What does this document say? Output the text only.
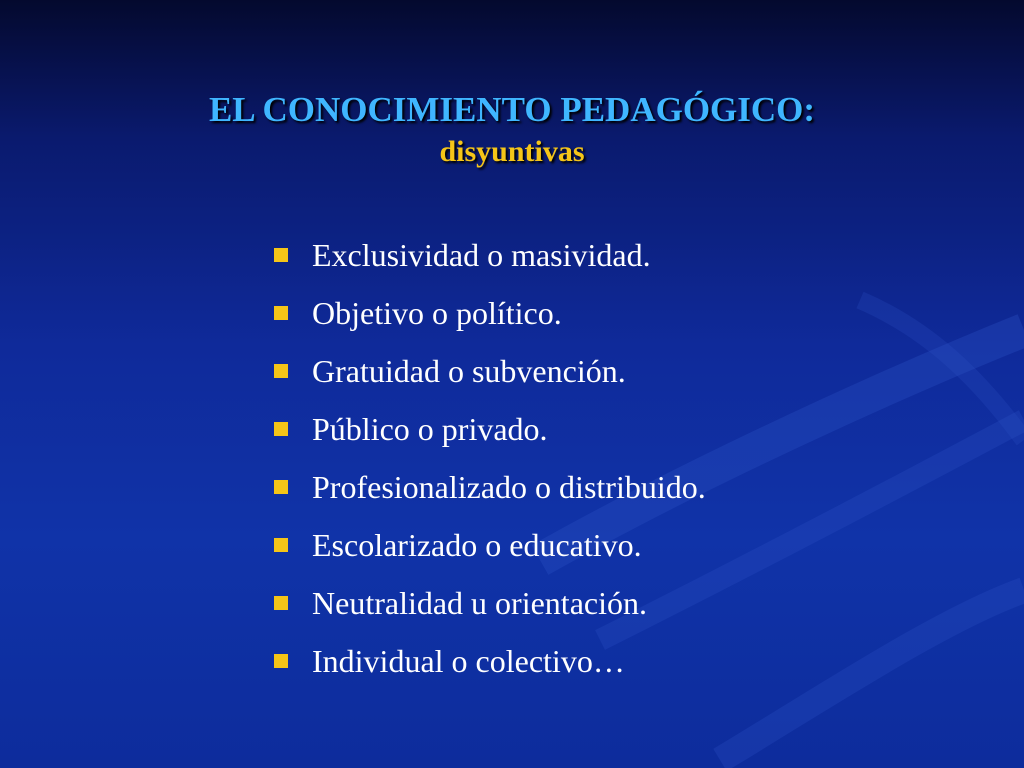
EL CONOCIMIENTO PEDAGÓGICO:
disyuntivas
Exclusividad o masividad.
Objetivo o político.
Gratuidad o subvención.
Público o privado.
Profesionalizado o distribuido.
Escolarizado o educativo.
Neutralidad u orientación.
Individual o colectivo…
